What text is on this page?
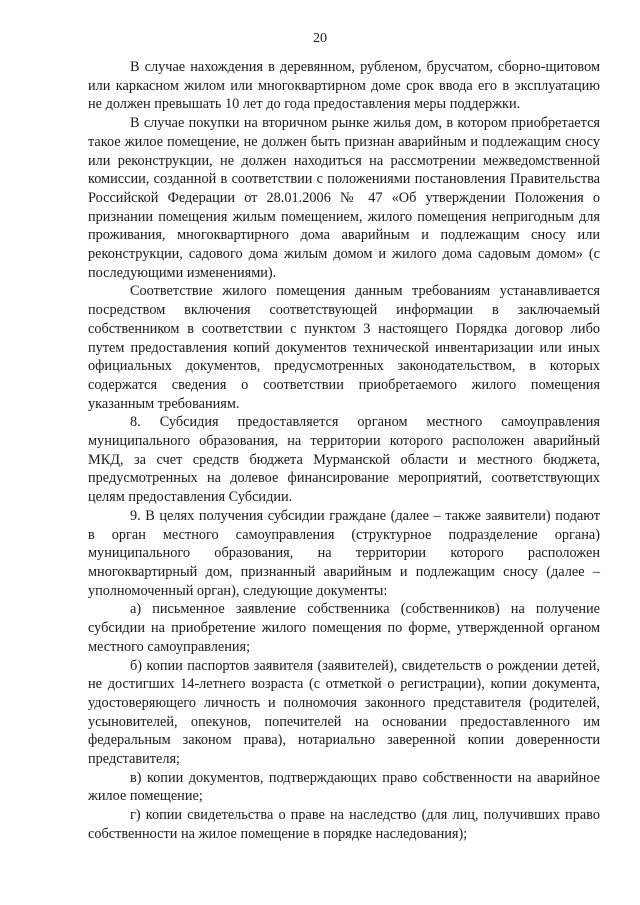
20

В случае нахождения в деревянном, рубленом, брусчатом, сборно-щитовом или каркасном жилом или многоквартирном доме срок ввода его в эксплуатацию не должен превышать 10 лет до года предоставления меры поддержки.

В случае покупки на вторичном рынке жилья дом, в котором приобретается такое жилое помещение, не должен быть признан аварийным и подлежащим сносу или реконструкции, не должен находиться на рассмотрении межведомственной комиссии, созданной в соответствии с положениями постановления Правительства Российской Федерации от 28.01.2006 № 47 «Об утверждении Положения о признании помещения жилым помещением, жилого помещения непригодным для проживания, многоквартирного дома аварийным и подлежащим сносу или реконструкции, садового дома жилым домом и жилого дома садовым домом» (с последующими изменениями).

Соответствие жилого помещения данным требованиям устанавливается посредством включения соответствующей информации в заключаемый собственником в соответствии с пунктом 3 настоящего Порядка договор либо путем предоставления копий документов технической инвентаризации или иных официальных документов, предусмотренных законодательством, в которых содержатся сведения о соответствии приобретаемого жилого помещения указанным требованиям.

8. Субсидия предоставляется органом местного самоуправления муниципального образования, на территории которого расположен аварийный МКД, за счет средств бюджета Мурманской области и местного бюджета, предусмотренных на долевое финансирование мероприятий, соответствующих целям предоставления Субсидии.

9. В целях получения субсидии граждане (далее – также заявители) подают в орган местного самоуправления (структурное подразделение органа) муниципального образования, на территории которого расположен многоквартирный дом, признанный аварийным и подлежащим сносу (далее – уполномоченный орган), следующие документы:

а) письменное заявление собственника (собственников) на получение субсидии на приобретение жилого помещения по форме, утвержденной органом местного самоуправления;

б) копии паспортов заявителя (заявителей), свидетельств о рождении детей, не достигших 14-летнего возраста (с отметкой о регистрации), копии документа, удостоверяющего личность и полномочия законного представителя (родителей, усыновителей, опекунов, попечителей на основании предоставленного им федеральным законом права), нотариально заверенной копии доверенности представителя;

в) копии документов, подтверждающих право собственности на аварийное жилое помещение;

г) копии свидетельства о праве на наследство (для лиц, получивших право собственности на жилое помещение в порядке наследования);
